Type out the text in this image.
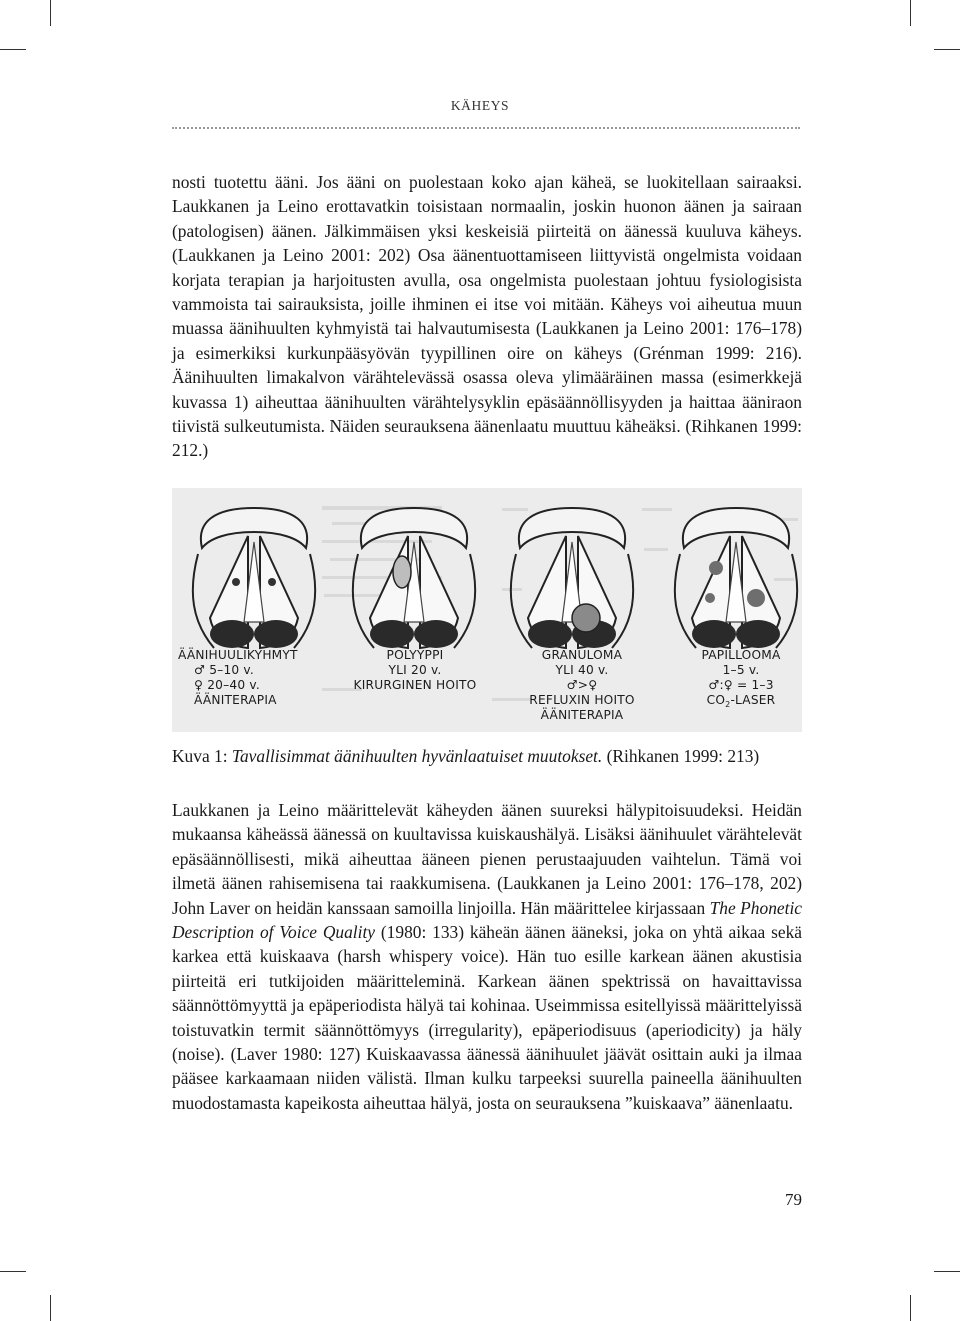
KÄHEYS

nosti tuotettu ääni. Jos ääni on puolestaan koko ajan käheä, se luokitellaan sairaaksi. Laukkanen ja Leino erottavatkin toisistaan normaalin, joskin huonon äänen ja sairaan (patologisen) äänen. Jälkimmäisen yksi keskeisiä piirteitä on äänessä kuuluva käheys. (Laukkanen ja Leino 2001: 202) Osa äänentuottamiseen liittyvistä ongelmista voidaan korjata terapian ja harjoitusten avulla, osa ongelmista puolestaan johtuu fysiologisista vammoista tai sairauksista, joille ihminen ei itse voi mitään. Käheys voi aiheutua muun muassa äänihuulten kyhmyistä tai halvautumisesta (Laukkanen ja Leino 2001: 176–178) ja esimerkiksi kurkunpääsyövän tyypillinen oire on käheys (Grénman 1999: 216). Äänihuulten limakalvon värähtelevässä osassa oleva ylimääräinen massa (esimerkkejä kuvassa 1) aiheuttaa äänihuulten värähtelysyklin epäsäännöllisyyden ja haittaa ääniraon tiivistä sulkeutumista. Näiden seurauksena äänenlaatu muuttuu käheäksi. (Rihkanen 1999: 212.)

ÄÄNIHUULIKYHMYT
♂ 5–10 v.
♀ 20–40 v.
ÄÄNITERAPIA
POLYYPPI
YLI 20 v.
KIRURGINEN HOITO
GRANULOMA
YLI 40 v.
♂>♀
REFLUXIN HOITO
ÄÄNITERAPIA
PAPILLOOMA
1–5 v.
♂:♀ = 1–3
$CO_2$-LASER
Kuva 1: Tavallisimmat äänihuulten hyvänlaatuiset muutokset. (Rihkanen 1999: 213)

Laukkanen ja Leino määrittelevät käheyden äänen suureksi hälypitoisuudeksi. Heidän mukaansa käheässä äänessä on kuultavissa kuiskaushälyä. Lisäksi äänihuulet värähtelevät epäsäännöllisesti, mikä aiheuttaa ääneen pienen perustaajuuden vaihtelun. Tämä voi ilmetä äänen rahisemisena tai raakkumisena. (Laukkanen ja Leino 2001: 176–178, 202) John Laver on heidän kanssaan samoilla linjoilla. Hän määrittelee kirjassaan The Phonetic Description of Voice Quality (1980: 133) käheän äänen ääneksi, joka on yhtä aikaa sekä karkea että kuiskaava (harsh whispery voice). Hän tuo esille karkean äänen akustisia piirteitä eri tutkijoiden määritteleminä. Karkean äänen spektrissä on havaittavissa säännöttömyyttä ja epäperiodista hälyä tai kohinaa. Useimmissa esitellyissä määrittelyissä toistuvatkin termit säännöttömyys (irregularity), epäperiodisuus (aperiodicity) ja häly (noise). (Laver 1980: 127) Kuiskaavassa äänessä äänihuulet jäävät osittain auki ja ilmaa pääsee karkaamaan niiden välistä. Ilman kulku tarpeeksi suurella paineella äänihuulten muodostamasta kapeikosta aiheuttaa hälyä, josta on seurauksena ”kuiskaava” äänenlaatu.

79
